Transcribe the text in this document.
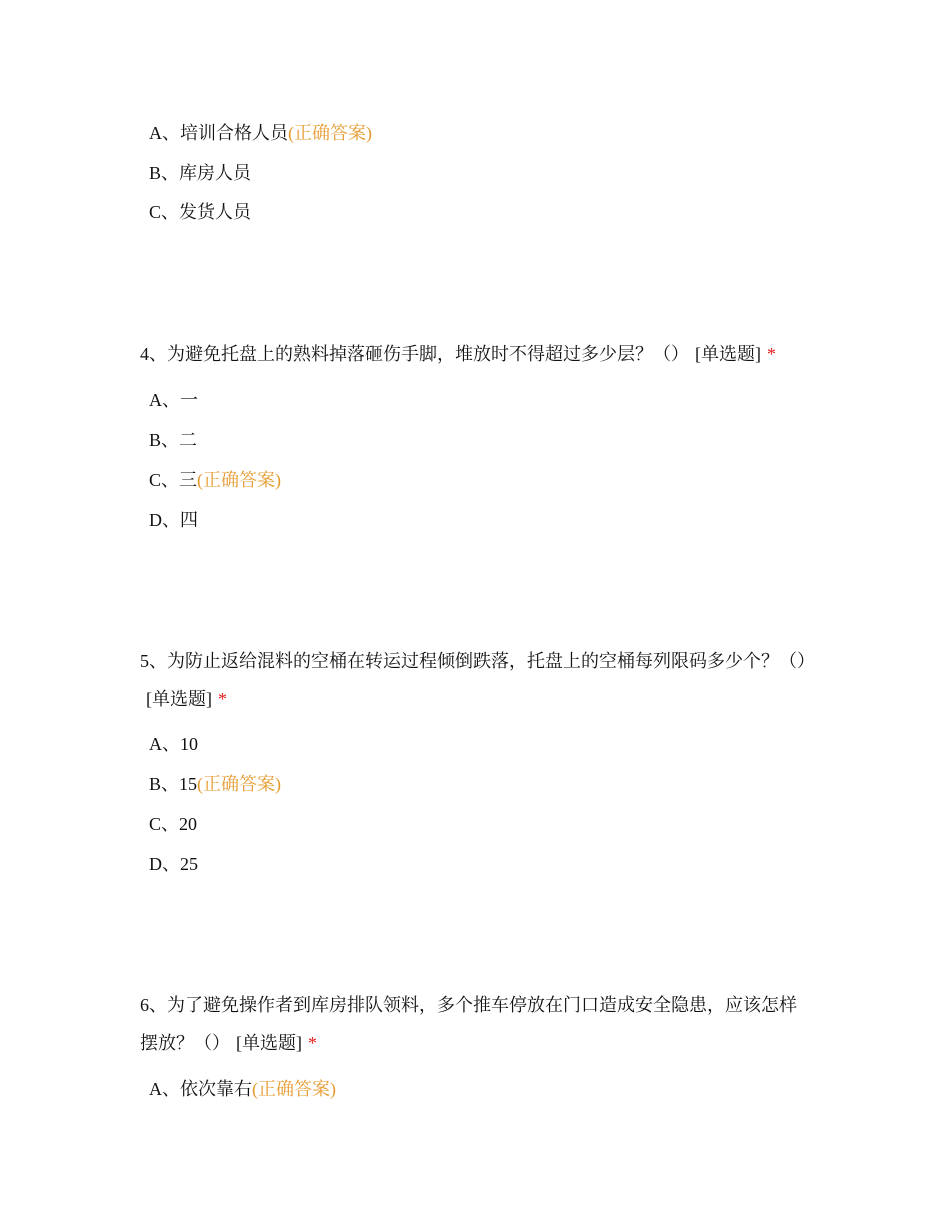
A、培训合格人员(正确答案)
B、库房人员
C、发货人员
4、为避免托盘上的熟料掉落砸伤手脚，堆放时不得超过多少层？（） [单选题] *
A、一
B、二
C、三(正确答案)
D、四
5、为防止返给混料的空桶在转运过程倾倒跌落，托盘上的空桶每列限码多少个？（）[单选题] *
A、10
B、15(正确答案)
C、20
D、25
6、为了避免操作者到库房排队领料，多个推车停放在门口造成安全隐患，应该怎样摆放？（） [单选题] *
A、依次靠右(正确答案)
